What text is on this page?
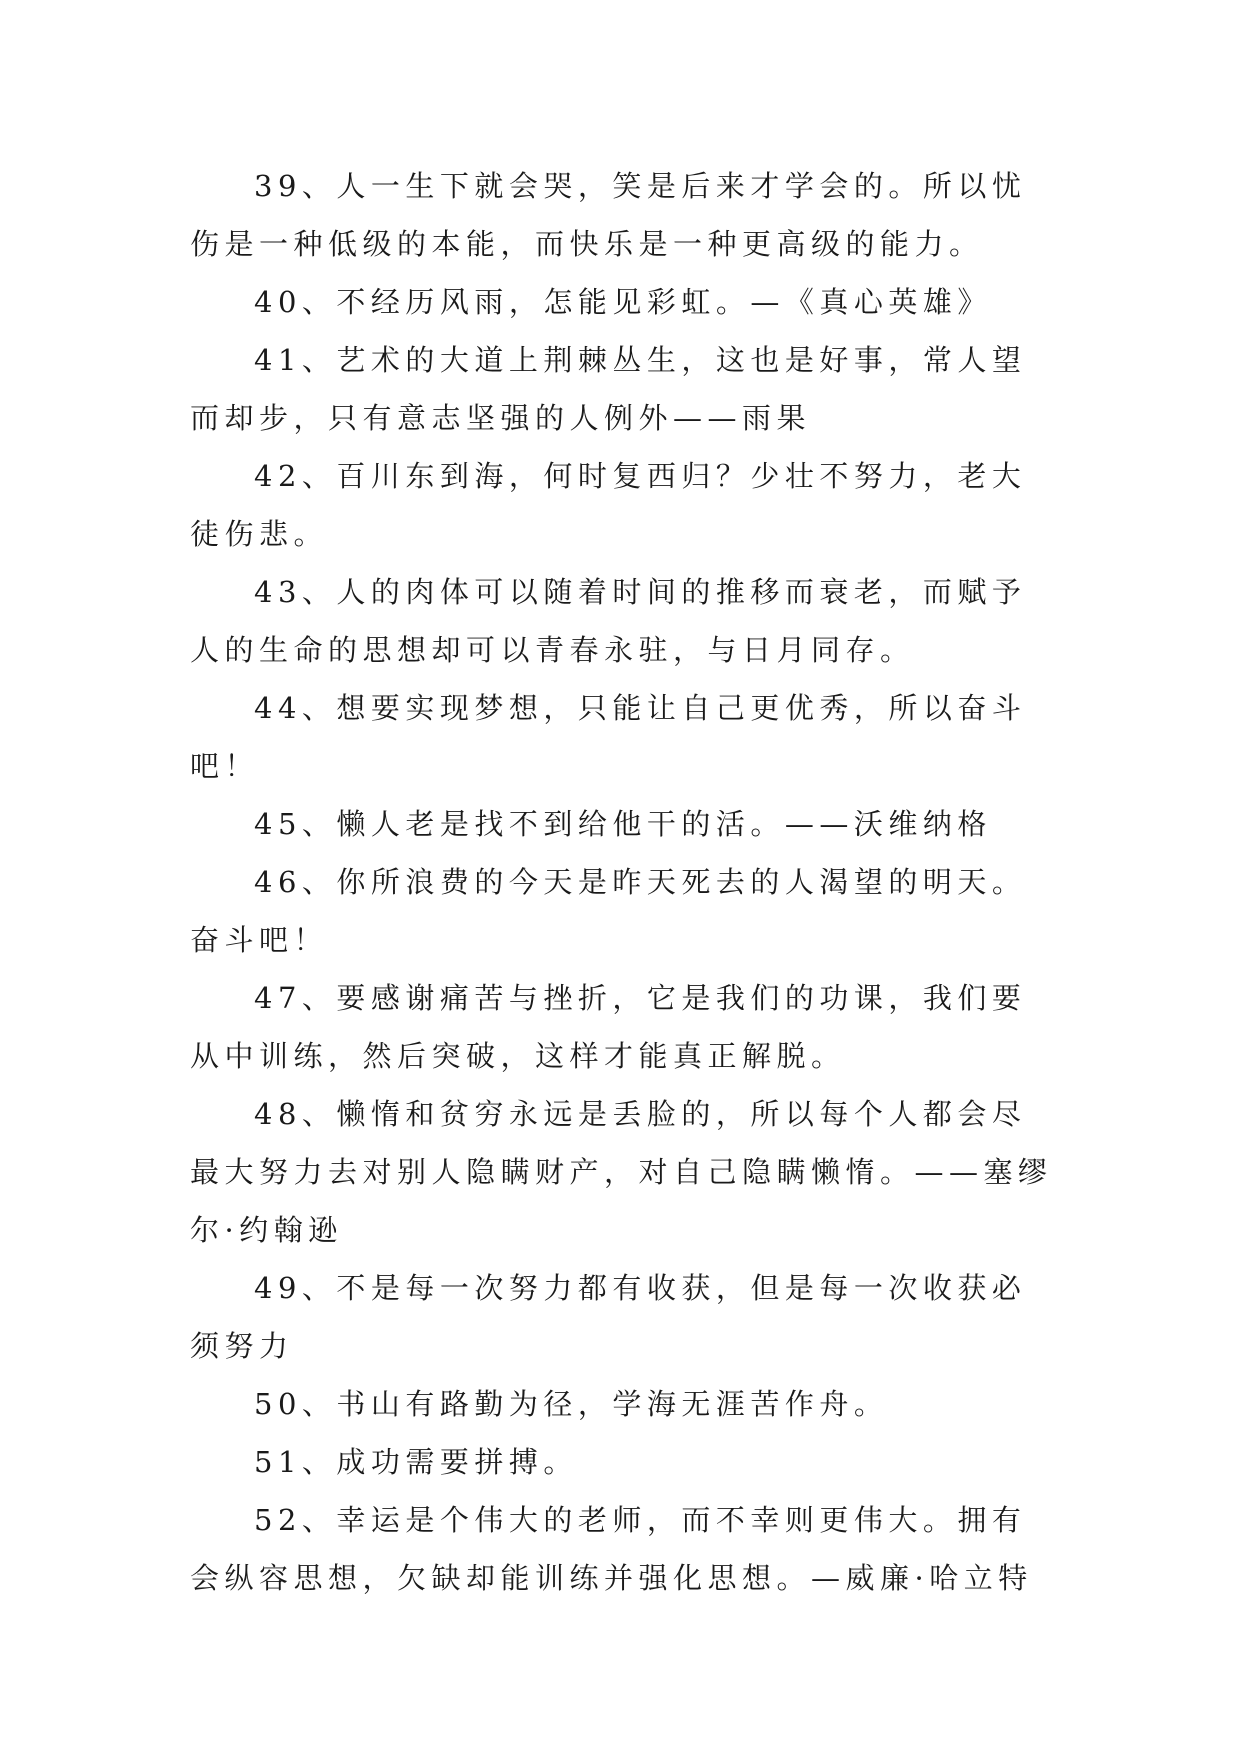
39、人一生下就会哭，笑是后来才学会的。所以忧伤是一种低级的本能，而快乐是一种更高级的能力。

40、不经历风雨，怎能见彩虹。—《真心英雄》

41、艺术的大道上荆棘丛生，这也是好事，常人望而却步，只有意志坚强的人例外——雨果

42、百川东到海，何时复西归？少壮不努力，老大徒伤悲。

43、人的肉体可以随着时间的推移而衰老，而赋予人的生命的思想却可以青春永驻，与日月同存。

44、想要实现梦想，只能让自己更优秀，所以奋斗吧！

45、懒人老是找不到给他干的活。——沃维纳格

46、你所浪费的今天是昨天死去的人渴望的明天。奋斗吧！

47、要感谢痛苦与挫折，它是我们的功课，我们要从中训练，然后突破，这样才能真正解脱。

48、懒惰和贫穷永远是丢脸的，所以每个人都会尽最大努力去对别人隐瞒财产，对自己隐瞒懒惰。——塞缪尔·约翰逊

49、不是每一次努力都有收获，但是每一次收获必须努力

50、书山有路勤为径，学海无涯苦作舟。

51、成功需要拼搏。

52、幸运是个伟大的老师，而不幸则更伟大。拥有会纵容思想，欠缺却能训练并强化思想。—威廉·哈立特
